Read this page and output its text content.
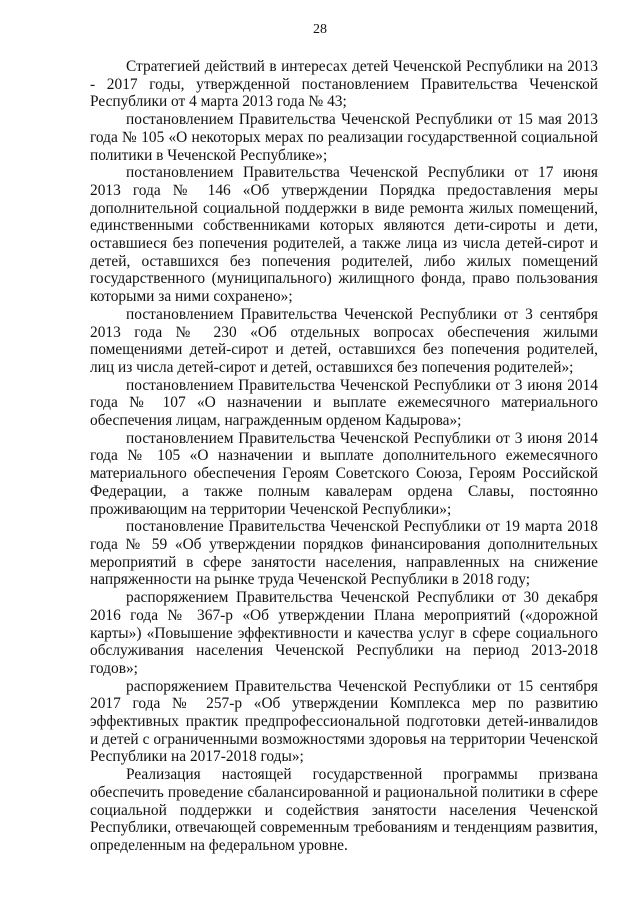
28

Стратегией действий в интересах детей Чеченской Республики на 2013 - 2017 годы, утвержденной постановлением Правительства Чеченской Республики от 4 марта 2013 года № 43;

постановлением Правительства Чеченской Республики от 15 мая 2013 года № 105 «О некоторых мерах по реализации государственной социальной политики в Чеченской Республике»;

постановлением Правительства Чеченской Республики от 17 июня 2013 года № 146 «Об утверждении Порядка предоставления меры дополнительной социальной поддержки в виде ремонта жилых помещений, единственными собственниками которых являются дети-сироты и дети, оставшиеся без попечения родителей, а также лица из числа детей-сирот и детей, оставшихся без попечения родителей, либо жилых помещений государственного (муниципального) жилищного фонда, право пользования которыми за ними сохранено»;

постановлением Правительства Чеченской Республики от 3 сентября 2013 года № 230 «Об отдельных вопросах обеспечения жилыми помещениями детей-сирот и детей, оставшихся без попечения родителей, лиц из числа детей-сирот и детей, оставшихся без попечения родителей»;

постановлением Правительства Чеченской Республики от 3 июня 2014 года № 107 «О назначении и выплате ежемесячного материального обеспечения лицам, награжденным орденом Кадырова»;

постановлением Правительства Чеченской Республики от 3 июня 2014 года № 105 «О назначении и выплате дополнительного ежемесячного материального обеспечения Героям Советского Союза, Героям Российской Федерации, а также полным кавалерам ордена Славы, постоянно проживающим на территории Чеченской Республики»;

постановление Правительства Чеченской Республики от 19 марта 2018 года № 59 «Об утверждении порядков финансирования дополнительных мероприятий в сфере занятости населения, направленных на снижение напряженности на рынке труда Чеченской Республики в 2018 году;

распоряжением Правительства Чеченской Республики от 30 декабря 2016 года № 367-р «Об утверждении Плана мероприятий («дорожной карты») «Повышение эффективности и качества услуг в сфере социального обслуживания населения Чеченской Республики на период 2013-2018 годов»;

распоряжением Правительства Чеченской Республики от 15 сентября 2017 года № 257-р «Об утверждении Комплекса мер по развитию эффективных практик предпрофессиональной подготовки детей-инвалидов и детей с ограниченными возможностями здоровья на территории Чеченской Республики на 2017-2018 годы»;

Реализация настоящей государственной программы призвана обеспечить проведение сбалансированной и рациональной политики в сфере социальной поддержки и содействия занятости населения Чеченской Республики, отвечающей современным требованиям и тенденциям развития, определенным на федеральном уровне.
